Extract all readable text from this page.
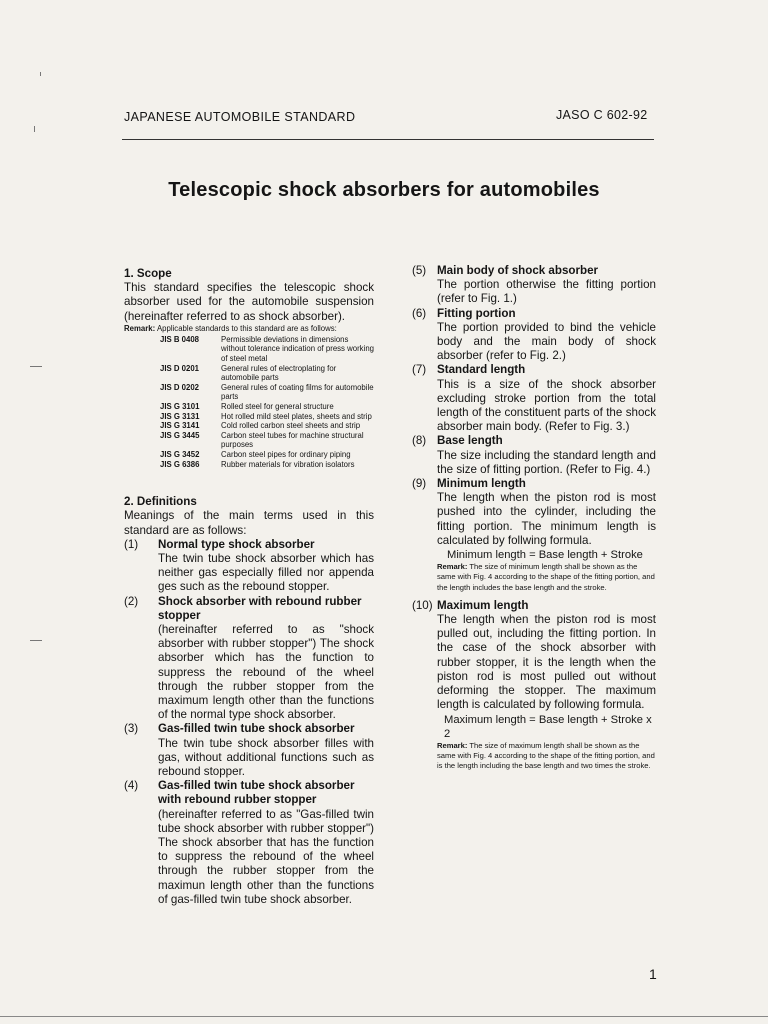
JAPANESE AUTOMOBILE STANDARD	JASO C 602-92
Telescopic shock absorbers for automobiles
1. Scope
This standard specifies the telescopic shock absorber used for the automobile suspension (hereinafter referred to as shock absorber).
Remark: Applicable standards to this standard are as follows:
JIS B 0408	Permissible deviations in dimensions without tolerance indication of press working of steel metal
JIS D 0201	General rules of electroplating for automobile parts
JIS D 0202	General rules of coating films for automobile parts
JIS G 3101	Rolled steel for general structure
JIS G 3131	Hot rolled mild steel plates, sheets and strip
JIS G 3141	Cold rolled carbon steel sheets and strip
JIS G 3445	Carbon steel tubes for machine structural purposes
JIS G 3452	Carbon steel pipes for ordinary piping
JIS G 6386	Rubber materials for vibration isolators
2. Definitions
Meanings of the main terms used in this standard are as follows:
(1)	Normal type shock absorber
The twin tube shock absorber which has neither gas especially filled nor appenda ges such as the rebound stopper.
(2)	Shock absorber with rebound rubber stopper
(hereinafter referred to as "shock absorber with rubber stopper") The shock absorber which has the function to suppress the rebound of the wheel through the rubber stopper from the maximum length other than the functions of the normal type shock absorber.
(3)	Gas-filled twin tube shock absorber
The twin tube shock absorber filles with gas, without additional functions such as rebound stopper.
(4)	Gas-filled twin tube shock absorber with rebound rubber stopper
(hereinafter referred to as "Gas-filled twin tube shock absorber with rubber stopper") The shock absorber that has the function to suppress the rebound of the wheel through the rubber stopper from the maximun length other than the functions of gas-filled twin tube shock absorber.
(5) Main body of shock absorber
The portion otherwise the fitting portion (refer to Fig. 1.)
(6) Fitting portion
The portion provided to bind the vehicle body and the main body of shock absorber (refer to Fig. 2.)
(7) Standard length
This is a size of the shock absorber excluding stroke portion from the total length of the constituent parts of the shock absorber main body. (Refer to Fig. 3.)
(8) Base length
The size including the standard length and the size of fitting portion. (Refer to Fig. 4.)
(9) Minimum length
The length when the piston rod is most pushed into the cylinder, including the fitting portion. The minimum length is calculated by follwing formula.
Minimum length = Base length + Stroke
Remark: The size of minimum length shall be shown as the same with Fig. 4 according to the shape of the fitting portion, and the length includes the base length and the stroke.
(10) Maximum length
The length when the piston rod is most pulled out, including the fitting portion. In the case of the shock absorber with rubber stopper, it is the length when the piston rod is most pulled out without deforming the stopper. The maximum length is calculated by following formula.
Maximum length = Base length + Stroke x 2
Remark: The size of maximum length shall be shown as the same with Fig. 4 according to the shape of the fitting portion, and is the length including the base length and two times the stroke.
1
